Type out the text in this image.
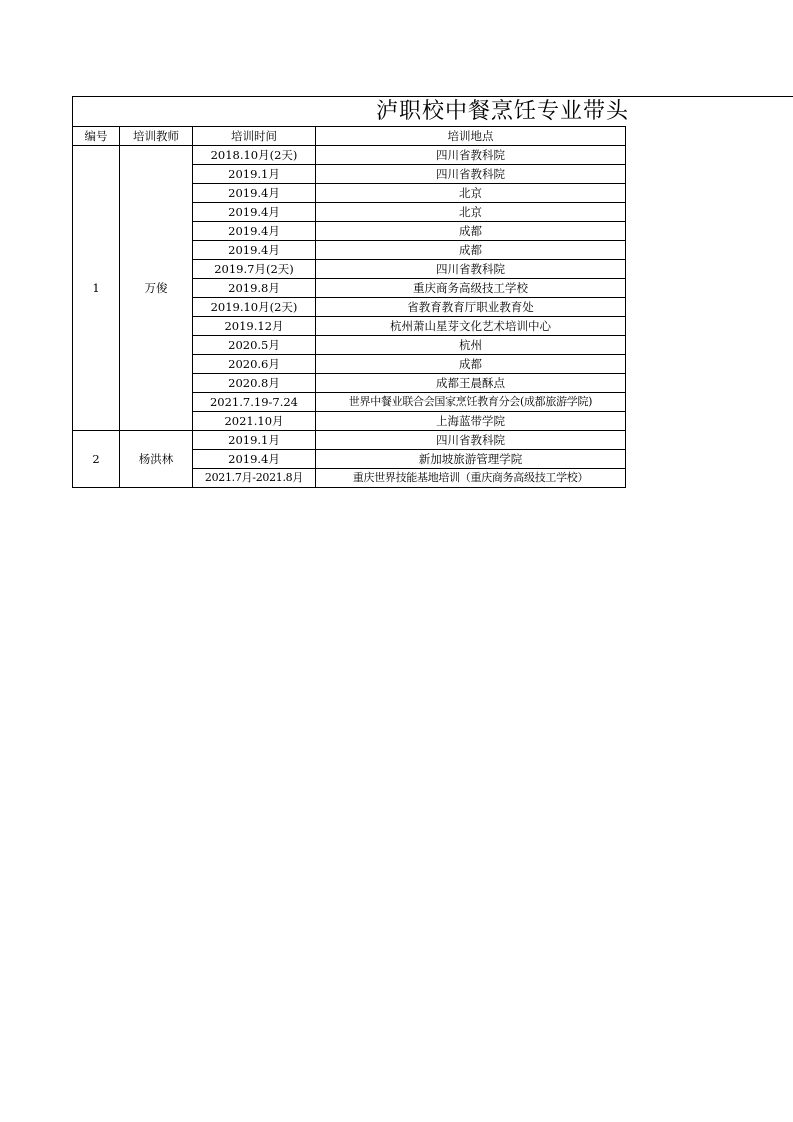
泸职校中餐烹饪专业带头
编号	培训教师	培训时间	培训地点
1	万俊	2018.10月(2天)	四川省教科院
		2019.1月	四川省教科院
		2019.4月	北京
		2019.4月	北京
		2019.4月	成都
		2019.4月	成都
		2019.7月(2天)	四川省教科院
		2019.8月	重庆商务高级技工学校
		2019.10月(2天)	省教育教育厅职业教育处
		2019.12月	杭州萧山星芽文化艺术培训中心
		2020.5月	杭州
		2020.6月	成都
		2020.8月	成都王晨酥点
		2021.7.19-7.24	世界中餐业联合会国家烹饪教育分会(成都旅游学院)
		2021.10月	上海蓝带学院
2	杨洪林	2019.1月	四川省教科院
		2019.4月	新加坡旅游管理学院
		2021.7月-2021.8月	重庆世界技能基地培训（重庆商务高级技工学校）
